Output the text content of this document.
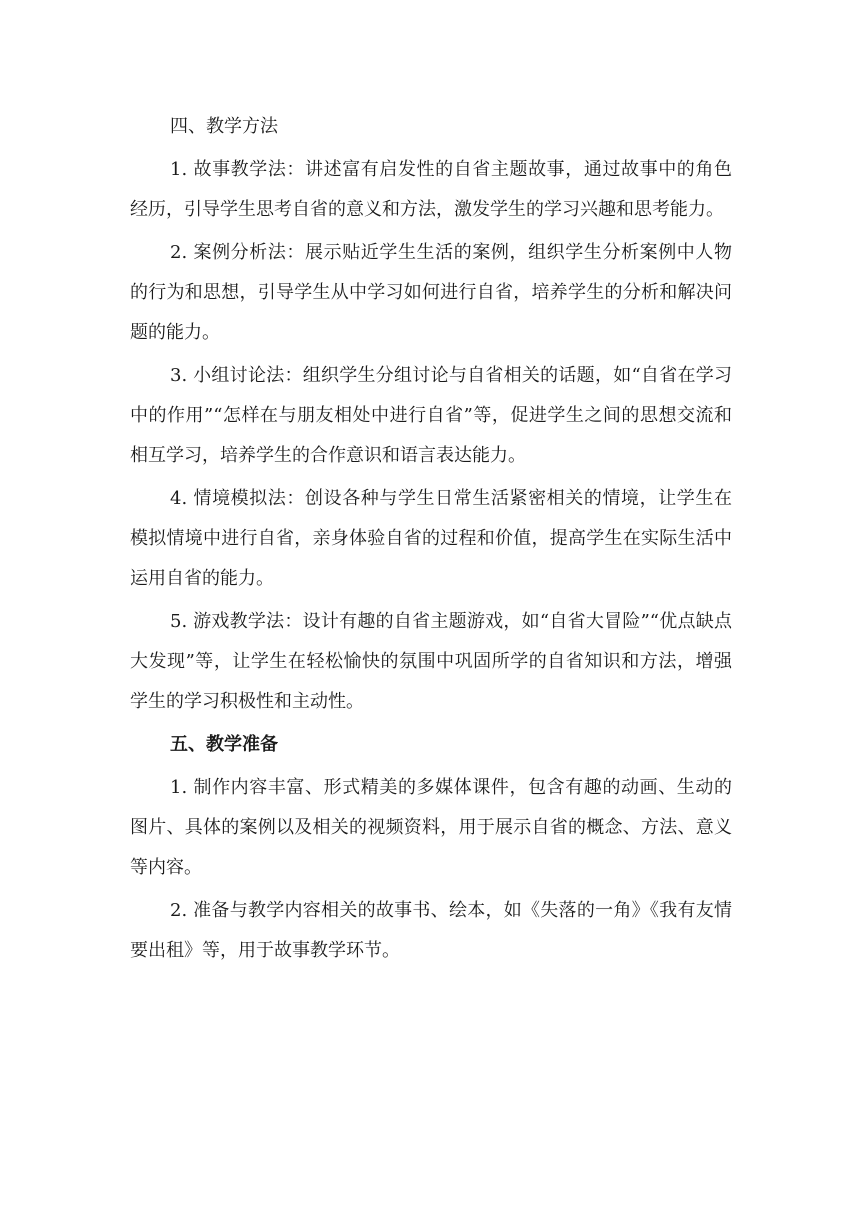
四、教学方法

1. 故事教学法：讲述富有启发性的自省主题故事，通过故事中的角色经历，引导学生思考自省的意义和方法，激发学生的学习兴趣和思考能力。

2. 案例分析法：展示贴近学生生活的案例，组织学生分析案例中人物的行为和思想，引导学生从中学习如何进行自省，培养学生的分析和解决问题的能力。

3. 小组讨论法：组织学生分组讨论与自省相关的话题，如“自省在学习中的作用”“怎样在与朋友相处中进行自省”等，促进学生之间的思想交流和相互学习，培养学生的合作意识和语言表达能力。

4. 情境模拟法：创设各种与学生日常生活紧密相关的情境，让学生在模拟情境中进行自省，亲身体验自省的过程和价值，提高学生在实际生活中运用自省的能力。

5. 游戏教学法：设计有趣的自省主题游戏，如“自省大冒险”“优点缺点大发现”等，让学生在轻松愉快的氛围中巩固所学的自省知识和方法，增强学生的学习积极性和主动性。

五、教学准备

1. 制作内容丰富、形式精美的多媒体课件，包含有趣的动画、生动的图片、具体的案例以及相关的视频资料，用于展示自省的概念、方法、意义等内容。

2. 准备与教学内容相关的故事书、绘本，如《失落的一角》《我有友情要出租》等，用于故事教学环节。
